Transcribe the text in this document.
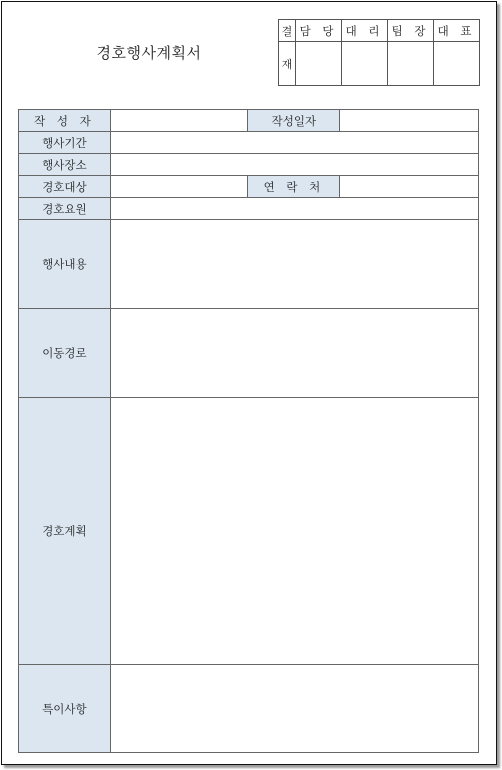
경호행사계획서
결	담 당	대 리	팀 장	대 표
재				
작 성 자		작성일자	
행사기간			
행사장소			
경호대상		연 락 처	
경호요원			
행사내용			
이동경로			
경호계획			
특이사항			
